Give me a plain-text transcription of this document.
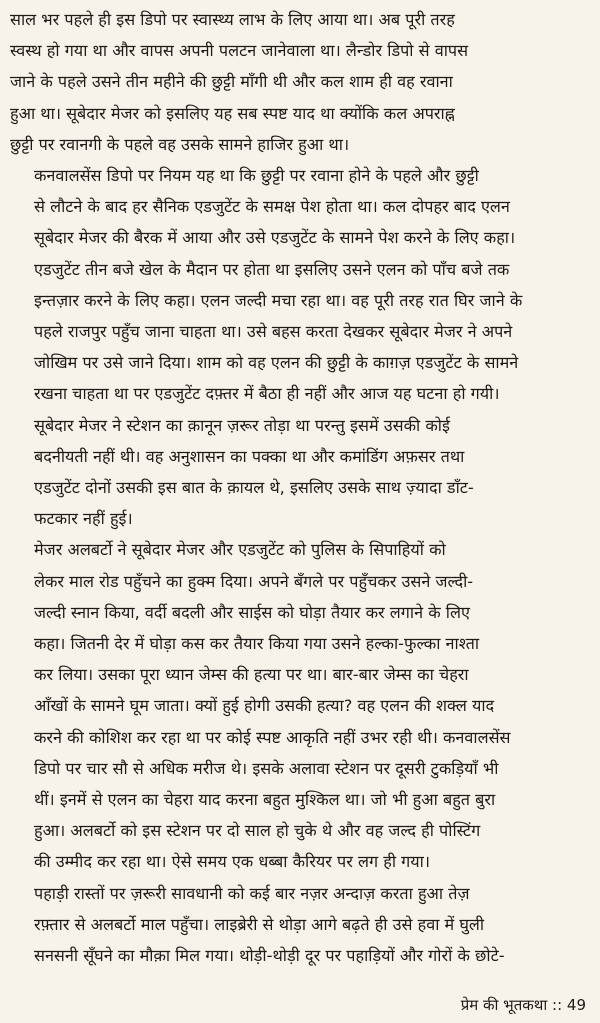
साल भर पहले ही इस डिपो पर स्वास्थ्य लाभ के लिए आया था। अब पूरी तरह
स्वस्थ हो गया था और वापस अपनी पलटन जानेवाला था। लैन्डोर डिपो से वापस
जाने के पहले उसने तीन महीने की छुट्टी माँगी थी और कल शाम ही वह रवाना
हुआ था। सूबेदार मेजर को इसलिए यह सब स्पष्ट याद था क्योंकि कल अपराह्न
छुट्टी पर रवानगी के पहले वह उसके सामने हाजिर हुआ था।

कनवालसेंस डिपो पर नियम यह था कि छुट्टी पर रवाना होने के पहले और छुट्टी
से लौटने के बाद हर सैनिक एडजुटेंट के समक्ष पेश होता था। कल दोपहर बाद एलन
सूबेदार मेजर की बैरक में आया और उसे एडजुटेंट के सामने पेश करने के लिए कहा।
एडजुटेंट तीन बजे खेल के मैदान पर होता था इसलिए उसने एलन को पाँच बजे तक
इन्तज़ार करने के लिए कहा। एलन जल्दी मचा रहा था। वह पूरी तरह रात घिर जाने के
पहले राजपुर पहुँच जाना चाहता था। उसे बहस करता देखकर सूबेदार मेजर ने अपने
जोखिम पर उसे जाने दिया। शाम को वह एलन की छुट्टी के काग़ज़ एडजुटेंट के सामने
रखना चाहता था पर एडजुटेंट दफ़्तर में बैठा ही नहीं और आज यह घटना हो गयी।

सूबेदार मेजर ने स्टेशन का क़ानून ज़रूर तोड़ा था परन्तु इसमें उसकी कोई
बदनीयती नहीं थी। वह अनुशासन का पक्का था और कमांडिंग अफ़सर तथा
एडजुटेंट दोनों उसकी इस बात के क़ायल थे, इसलिए उसके साथ ज़्यादा डाँट-
फटकार नहीं हुई।

मेजर अलबर्टो ने सूबेदार मेजर और एडजुटेंट को पुलिस के सिपाहियों को
लेकर माल रोड पहुँचने का हुक्म दिया। अपने बँगले पर पहुँचकर उसने जल्दी-
जल्दी स्नान किया, वर्दी बदली और साईस को घोड़ा तैयार कर लगाने के लिए
कहा। जितनी देर में घोड़ा कस कर तैयार किया गया उसने हल्का-फुल्का नाश्ता
कर लिया। उसका पूरा ध्यान जेम्स की हत्या पर था। बार-बार जेम्स का चेहरा
आँखों के सामने घूम जाता। क्यों हुई होगी उसकी हत्या? वह एलन की शक्ल याद
करने की कोशिश कर रहा था पर कोई स्पष्ट आकृति नहीं उभर रही थी। कनवालसेंस
डिपो पर चार सौ से अधिक मरीज थे। इसके अलावा स्टेशन पर दूसरी टुकड़ियाँ भी
थीं। इनमें से एलन का चेहरा याद करना बहुत मुश्किल था। जो भी हुआ बहुत बुरा
हुआ। अलबर्टो को इस स्टेशन पर दो साल हो चुके थे और वह जल्द ही पोस्टिंग
की उम्मीद कर रहा था। ऐसे समय एक धब्बा कैरियर पर लग ही गया।

पहाड़ी रास्तों पर ज़रूरी सावधानी को कई बार नज़र अन्दाज़ करता हुआ तेज़
रफ़्तार से अलबर्टो माल पहुँचा। लाइब्रेरी से थोड़ा आगे बढ़ते ही उसे हवा में घुली
सनसनी सूँघने का मौक़ा मिल गया। थोड़ी-थोड़ी दूर पर पहाड़ियों और गोरों के छोटे-

प्रेम की भूतकथा :: 49
